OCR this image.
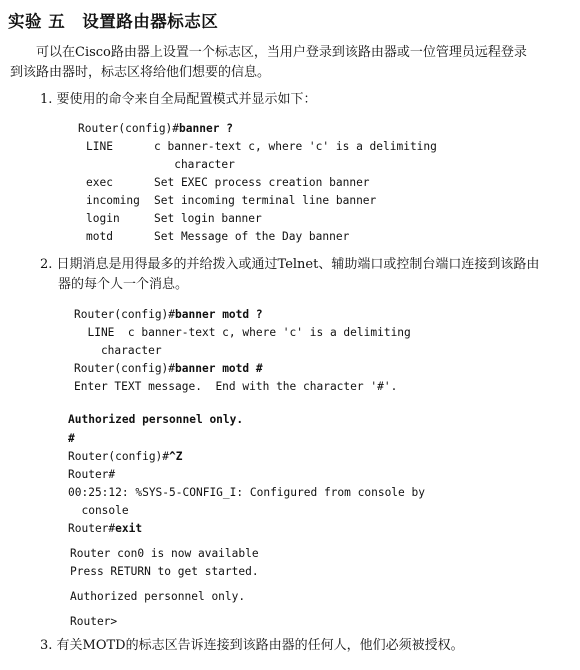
实验 五　设置路由器标志区
可以在Cisco路由器上设置一个标志区，当用户登录到该路由器或一位管理员远程登录
到该路由器时，标志区将给他们想要的信息。
1. 要使用的命令来自全局配置模式并显示如下：
Router(config)#banner ?
LINE	c banner-text c, where 'c' is a delimiting
character
exec	Set EXEC process creation banner
incoming Set incoming terminal line banner
login	Set login banner
motd	Set Message of the Day banner
2. 日期消息是用得最多的并给拨入或通过Telnet、辅助端口或控制台端口连接到该路由
器的每个人一个消息。
Router(config)#banner motd ?
LINE  c banner-text c, where 'c' is a delimiting
character
Router(config)#banner motd #
Enter TEXT message.  End with the character '#'.
Authorized personnel only.
#
Router(config)#^Z
Router#
00:25:12: %SYS-5-CONFIG_I: Configured from console by
console
Router#exit
Router con0 is now available
Press RETURN to get started.
Authorized personnel only.
Router>
3. 有关MOTD的标志区告诉连接到该路由器的任何人，他们必须被授权。
